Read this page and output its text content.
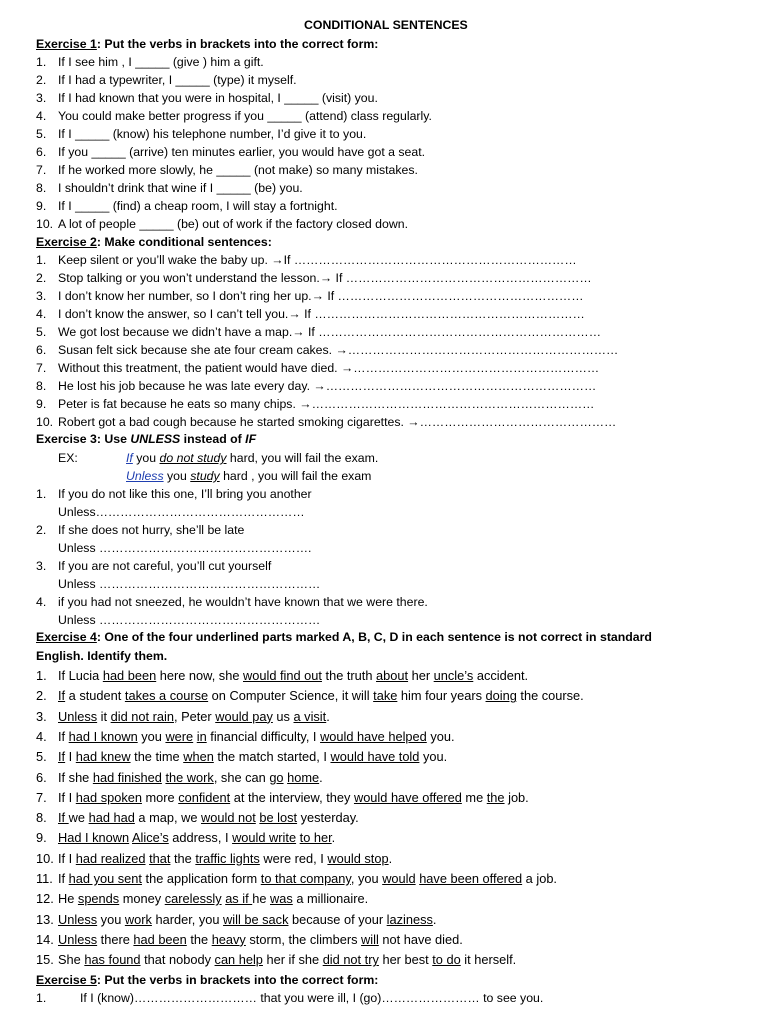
CONDITIONAL SENTENCES
Exercise 1: Put the verbs in brackets into the correct form:
1. If I see him , I _____ (give ) him a gift.
2. If I had a typewriter, I _____ (type) it myself.
3. If I had known that you were in hospital, I _____ (visit) you.
4. You could make better progress if you _____ (attend) class regularly.
5. If I _____ (know) his telephone number, I’d give it to you.
6. If you _____ (arrive) ten minutes earlier, you would have got a seat.
7. If he worked more slowly, he _____ (not make) so many mistakes.
8. I shouldn’t drink that wine if I _____ (be) you.
9. If I _____ (find) a cheap room, I will stay a fortnight.
10. A lot of people _____ (be) out of work if the factory closed down.
Exercise 2: Make conditional sentences:
1. Keep silent or you’ll wake the baby up. →If ……………………………………………………………
2. Stop talking or you won’t understand the lesson.→ If ……………………………………………………
3. I don’t know her number, so I don’t ring her up.→ If ……………………………………………………
4. I don’t know the answer, so I can’t tell you.→ If …………………………………………………………
5. We got lost because we didn’t have a map.→ If ……………………………………………………………
6. Susan felt sick because she ate four cream cakes. →…………………………………………………………
7. Without this treatment, the patient would have died. →……………………………………………………
8. He lost his job because he was late every day. →…………………………………………………………
9. Peter is fat because he eats so many chips. →……………………………………………………………
10. Robert got a bad cough because he started smoking cigarettes. →…………………………………………
Exercise 3: Use UNLESS instead of IF
EX:	If you do not study hard, you will fail the exam.
Unless you study hard , you will fail the exam
1. If you do not like this one, I’ll bring you another
Unless……………………………………………
2. If she does not hurry, she’ll be late
Unless …………………………………………….
3. If you are not careful, you’ll cut yourself
Unless ………………………………………………
4. if you had not sneezed, he wouldn’t have known that we were there.
Unless ………………………………………………
Exercise 4: One of the four underlined parts marked A, B, C, D in each sentence is not correct in standard
English. Identify them.
1. If Lucia had been here now, she would find out the truth about her uncle’s accident.
2. If a student takes a course on Computer Science, it will take him four years doing the course.
3. Unless it did not rain, Peter would pay us a visit.
4. If had I known you were in financial difficulty, I would have helped you.
5. If I had knew the time when the match started, I would have told you.
6. If she had finished the work, she can go home.
7. If I had spoken more confident at the interview, they would have offered me the job.
8. If we had had a map, we would not be lost yesterday.
9. Had I known Alice’s address, I would write to her.
10. If I had realized that the traffic lights were red, I would stop.
11. If had you sent the application form to that company, you would have been offered a job.
12. He spends money carelessly as if he was a millionaire.
13. Unless you work harder, you will be sack because of your laziness.
14. Unless there had been the heavy storm, the climbers will not have died.
15. She has found that nobody can help her if she did not try her best to do it herself.
Exercise 5: Put the verbs in brackets into the correct form:
1.	If I (know)………………………… that you were ill, I (go)…………………… to see you.
